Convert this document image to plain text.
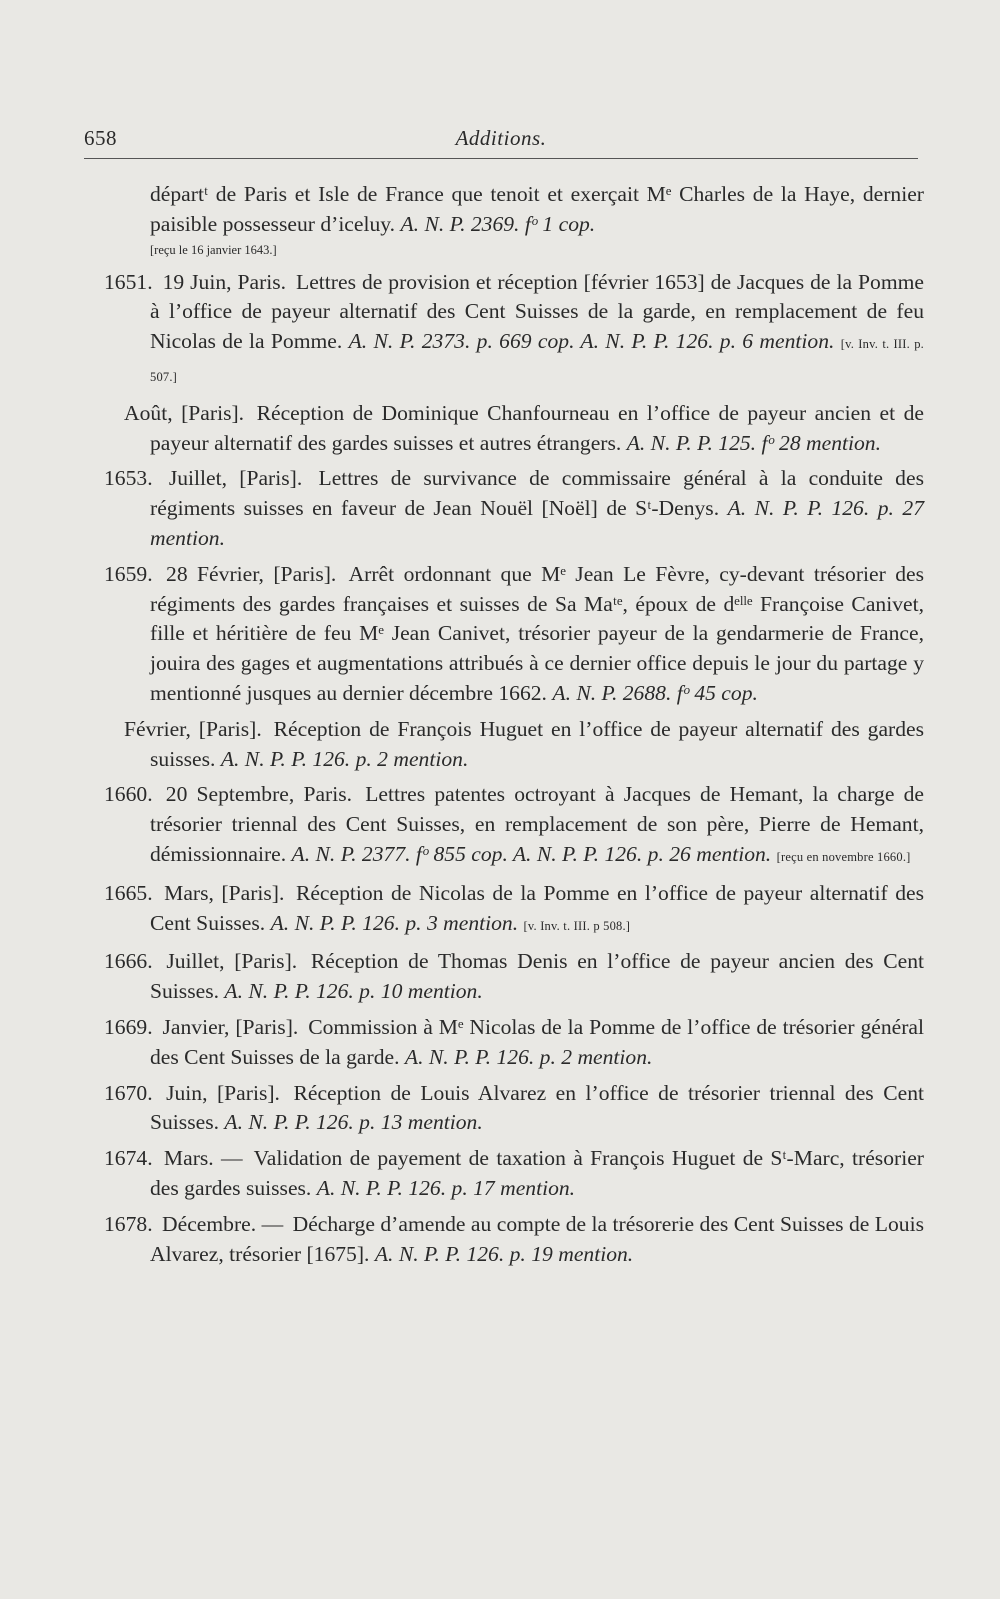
658	Additions.

départᵗ de Paris et Isle de France que tenoit et exerçait Mᵉ Charles de la Haye, dernier paisible possesseur d’iceluy. A. N. P. 2369. fᵒ 1 cop.
[reçu le 16 janvier 1643.]

1651. 19 Juin, Paris. Lettres de provision et réception [février 1653] de Jacques de la Pomme à l’office de payeur alternatif des Cent Suisses de la garde, en remplacement de feu Nicolas de la Pomme. A. N. P. 2373. p. 669 cop. A. N. P. P. 126. p. 6 mention. [v. Inv. t. III. p. 507.]

Août, [Paris]. Réception de Dominique Chanfourneau en l’office de payeur ancien et de payeur alternatif des gardes suisses et autres étrangers. A. N. P. P. 125. fᵒ 28 mention.

1653. Juillet, [Paris]. Lettres de survivance de commissaire général à la conduite des régiments suisses en faveur de Jean Nouël [Noël] de Sᵗ-Denys. A. N. P. P. 126. p. 27 mention.

1659. 28 Février, [Paris]. Arrêt ordonnant que Mᵉ Jean Le Fèvre, cy-devant trésorier des régiments des gardes françaises et suisses de Sa Maᵗᵉ, époux de dᵉˡˡᵉ Françoise Canivet, fille et héritière de feu Mᵉ Jean Canivet, trésorier payeur de la gendarmerie de France, jouira des gages et augmentations attribués à ce dernier office depuis le jour du partage y mentionné jusques au dernier décembre 1662. A. N. P. 2688. fᵒ 45 cop.

Février, [Paris]. Réception de François Huguet en l’office de payeur alternatif des gardes suisses. A. N. P. P. 126. p. 2 mention.

1660. 20 Septembre, Paris. Lettres patentes octroyant à Jacques de Hemant, la charge de trésorier triennal des Cent Suisses, en remplacement de son père, Pierre de Hemant, démissionnaire. A. N. P. 2377. fᵒ 855 cop. A. N. P. P. 126. p. 26 mention. [reçu en novembre 1660.]

1665. Mars, [Paris]. Réception de Nicolas de la Pomme en l’office de payeur alternatif des Cent Suisses. A. N. P. P. 126. p. 3 mention. [v. Inv. t. III. p 508.]

1666. Juillet, [Paris]. Réception de Thomas Denis en l’office de payeur ancien des Cent Suisses. A. N. P. P. 126. p. 10 mention.

1669. Janvier, [Paris]. Commission à Mᵉ Nicolas de la Pomme de l’office de trésorier général des Cent Suisses de la garde. A. N. P. P. 126. p. 2 mention.

1670. Juin, [Paris]. Réception de Louis Alvarez en l’office de trésorier triennal des Cent Suisses. A. N. P. P. 126. p. 13 mention.

1674. Mars. — Validation de payement de taxation à François Huguet de Sᵗ-Marc, trésorier des gardes suisses. A. N. P. P. 126. p. 17 mention.

1678. Décembre. — Décharge d’amende au compte de la trésorerie des Cent Suisses de Louis Alvarez, trésorier [1675]. A. N. P. P. 126. p. 19 mention.
